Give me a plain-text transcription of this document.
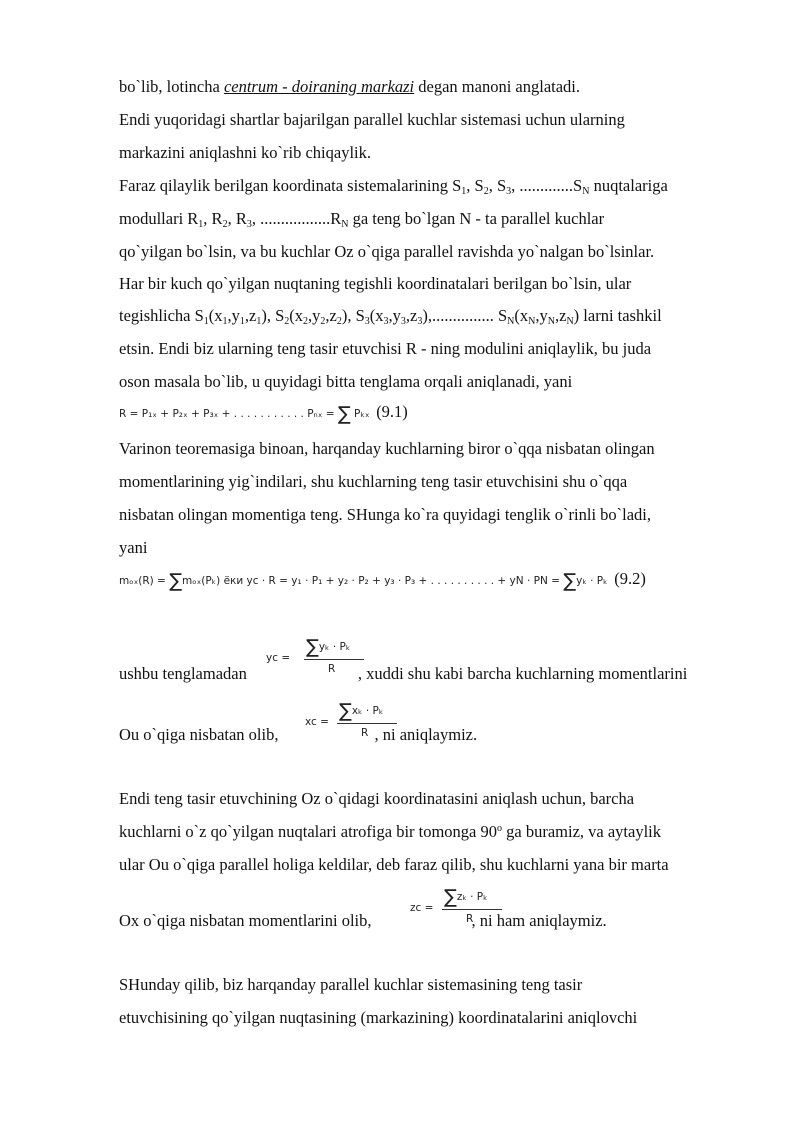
bo`lib, lotincha centrum - doiraning markazi degan manoni anglatadi.
Endi yuqoridagi shartlar bajarilgan parallel kuchlar sistemasi uchun ularning
markazini aniqlashni ko`rib chiqaylik.
Faraz qilaylik berilgan koordinata sistemalarining $S_1$, $S_2$, $S_3$, $.............S_N$ nuqtalariga
modullari $R_1$, $R_2$, $R_3$, $.................R_N$ ga teng bo`lgan N - ta parallel kuchlar
qo`yilgan bo`lsin, va bu kuchlar Oz o`qiga parallel ravishda yo`nalgan bo`lsinlar.
Har bir kuch qo`yilgan nuqtaning tegishli koordinatalari berilgan bo`lsin, ular
tegishlicha $S_1(x_1,y_1,z_1)$, $S_2(x_2,y_2,z_2)$, $S_3(x_3,y_3,z_3)$,............... $S_N(x_N,y_N,z_N)$ larni tashkil
etsin. Endi biz ularning teng tasir etuvchisi R - ning modulini aniqlaylik, bu juda
oson masala bo`lib, u quyidagi bitta tenglama orqali aniqlanadi, yani
R = P₁ₓ + P₂ₓ + P₃ₓ + . . . . . . . . . . . Pₙₓ = ∑ Pₖₓ (9.1)
Varinon teoremasiga binoan, harqanday kuchlarning biror o`qqa nisbatan olingan
momentlarining yig`indilari, shu kuchlarning teng tasir etuvchisini shu o`qqa
nisbatan olingan momentiga teng. SHunga ko`ra quyidagi tenglik o`rinli bo`ladi,
yani
mₒₓ(R) = ∑mₒₓ(Pₖ) ёки yc · R = y₁ · P₁ + y₂ · P₂ + y₃ · P₃ + . . . . . . . . . . + yN · PN = ∑yₖ · Pₖ (9.2)
yc = ∑yₖ · Pₖ
R
ushbu tenglamadan	, xuddi shu kabi barcha kuchlarning momentlarini
xc = ∑xₖ · Pₖ
R
Ou o`qiga nisbatan olib,	, ni aniqlaymiz.
Endi teng tasir etuvchining Oz o`qidagi koordinatasini aniqlash uchun, barcha
kuchlarni o`z qo`yilgan nuqtalari atrofiga bir tomonga 90$^o$ ga buramiz, va aytaylik
ular Ou o`qiga parallel holiga keldilar, deb faraz qilib, shu kuchlarni yana bir marta
zc = ∑zₖ · Pₖ
R
Ox o`qiga nisbatan momentlarini olib,	, ni ham aniqlaymiz.
SHunday qilib, biz harqanday parallel kuchlar sistemasining teng tasir
etuvchisining qo`yilgan nuqtasining (markazining) koordinatalarini aniqlovchi
